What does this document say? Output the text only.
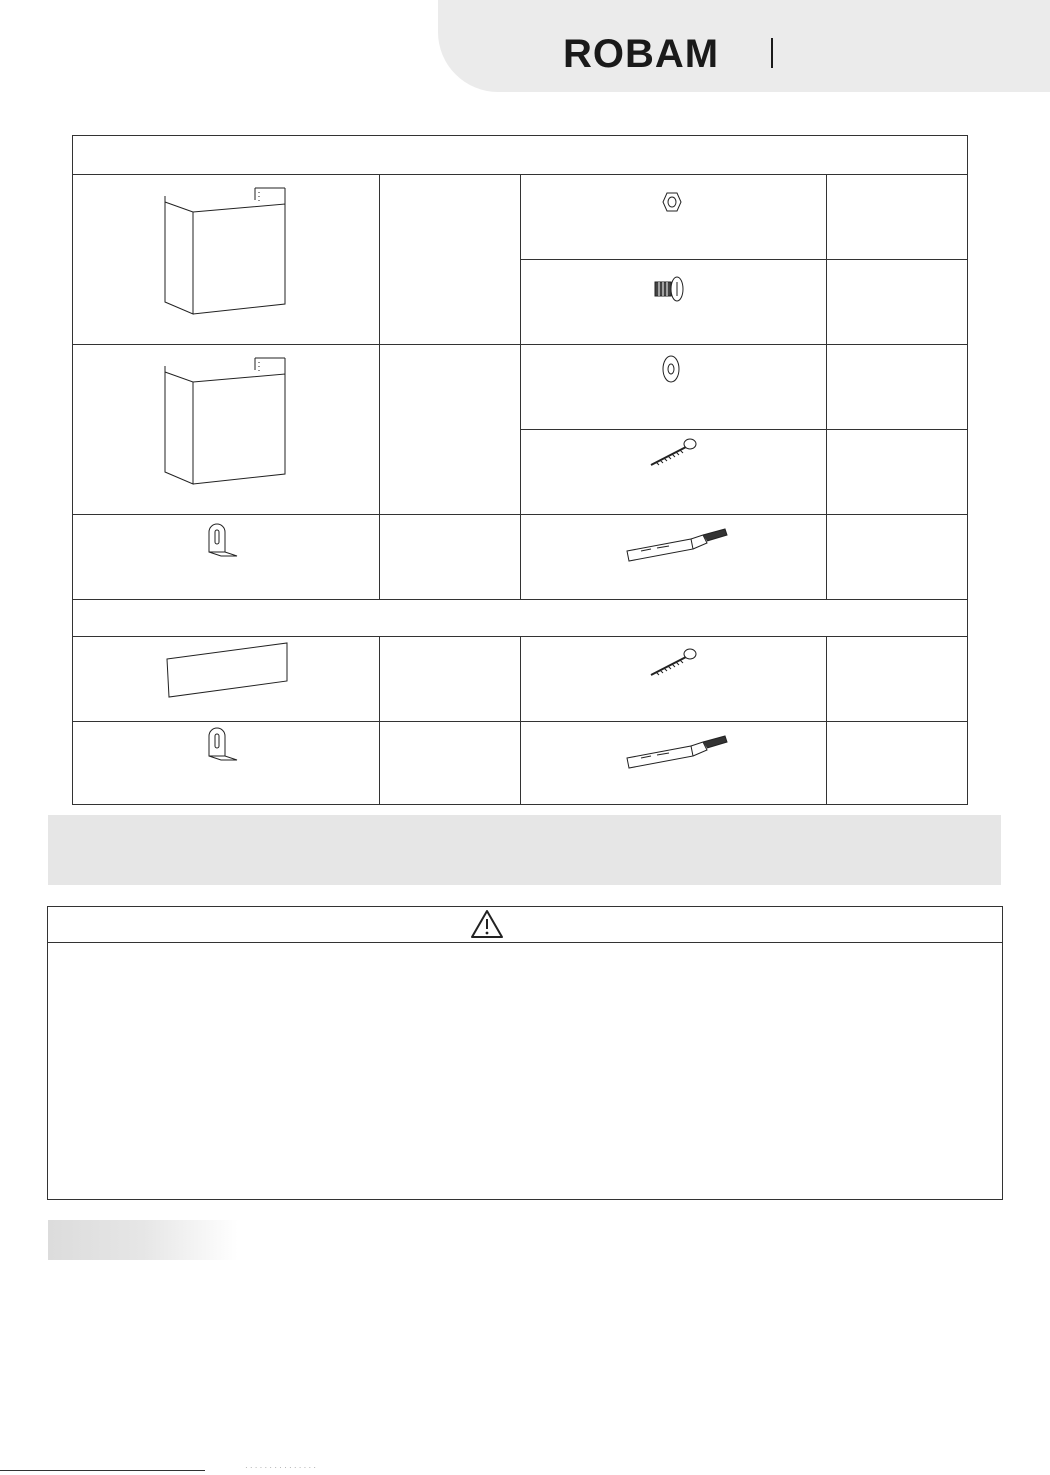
ROBAM
· · · · · · · · · · · · · · ·
